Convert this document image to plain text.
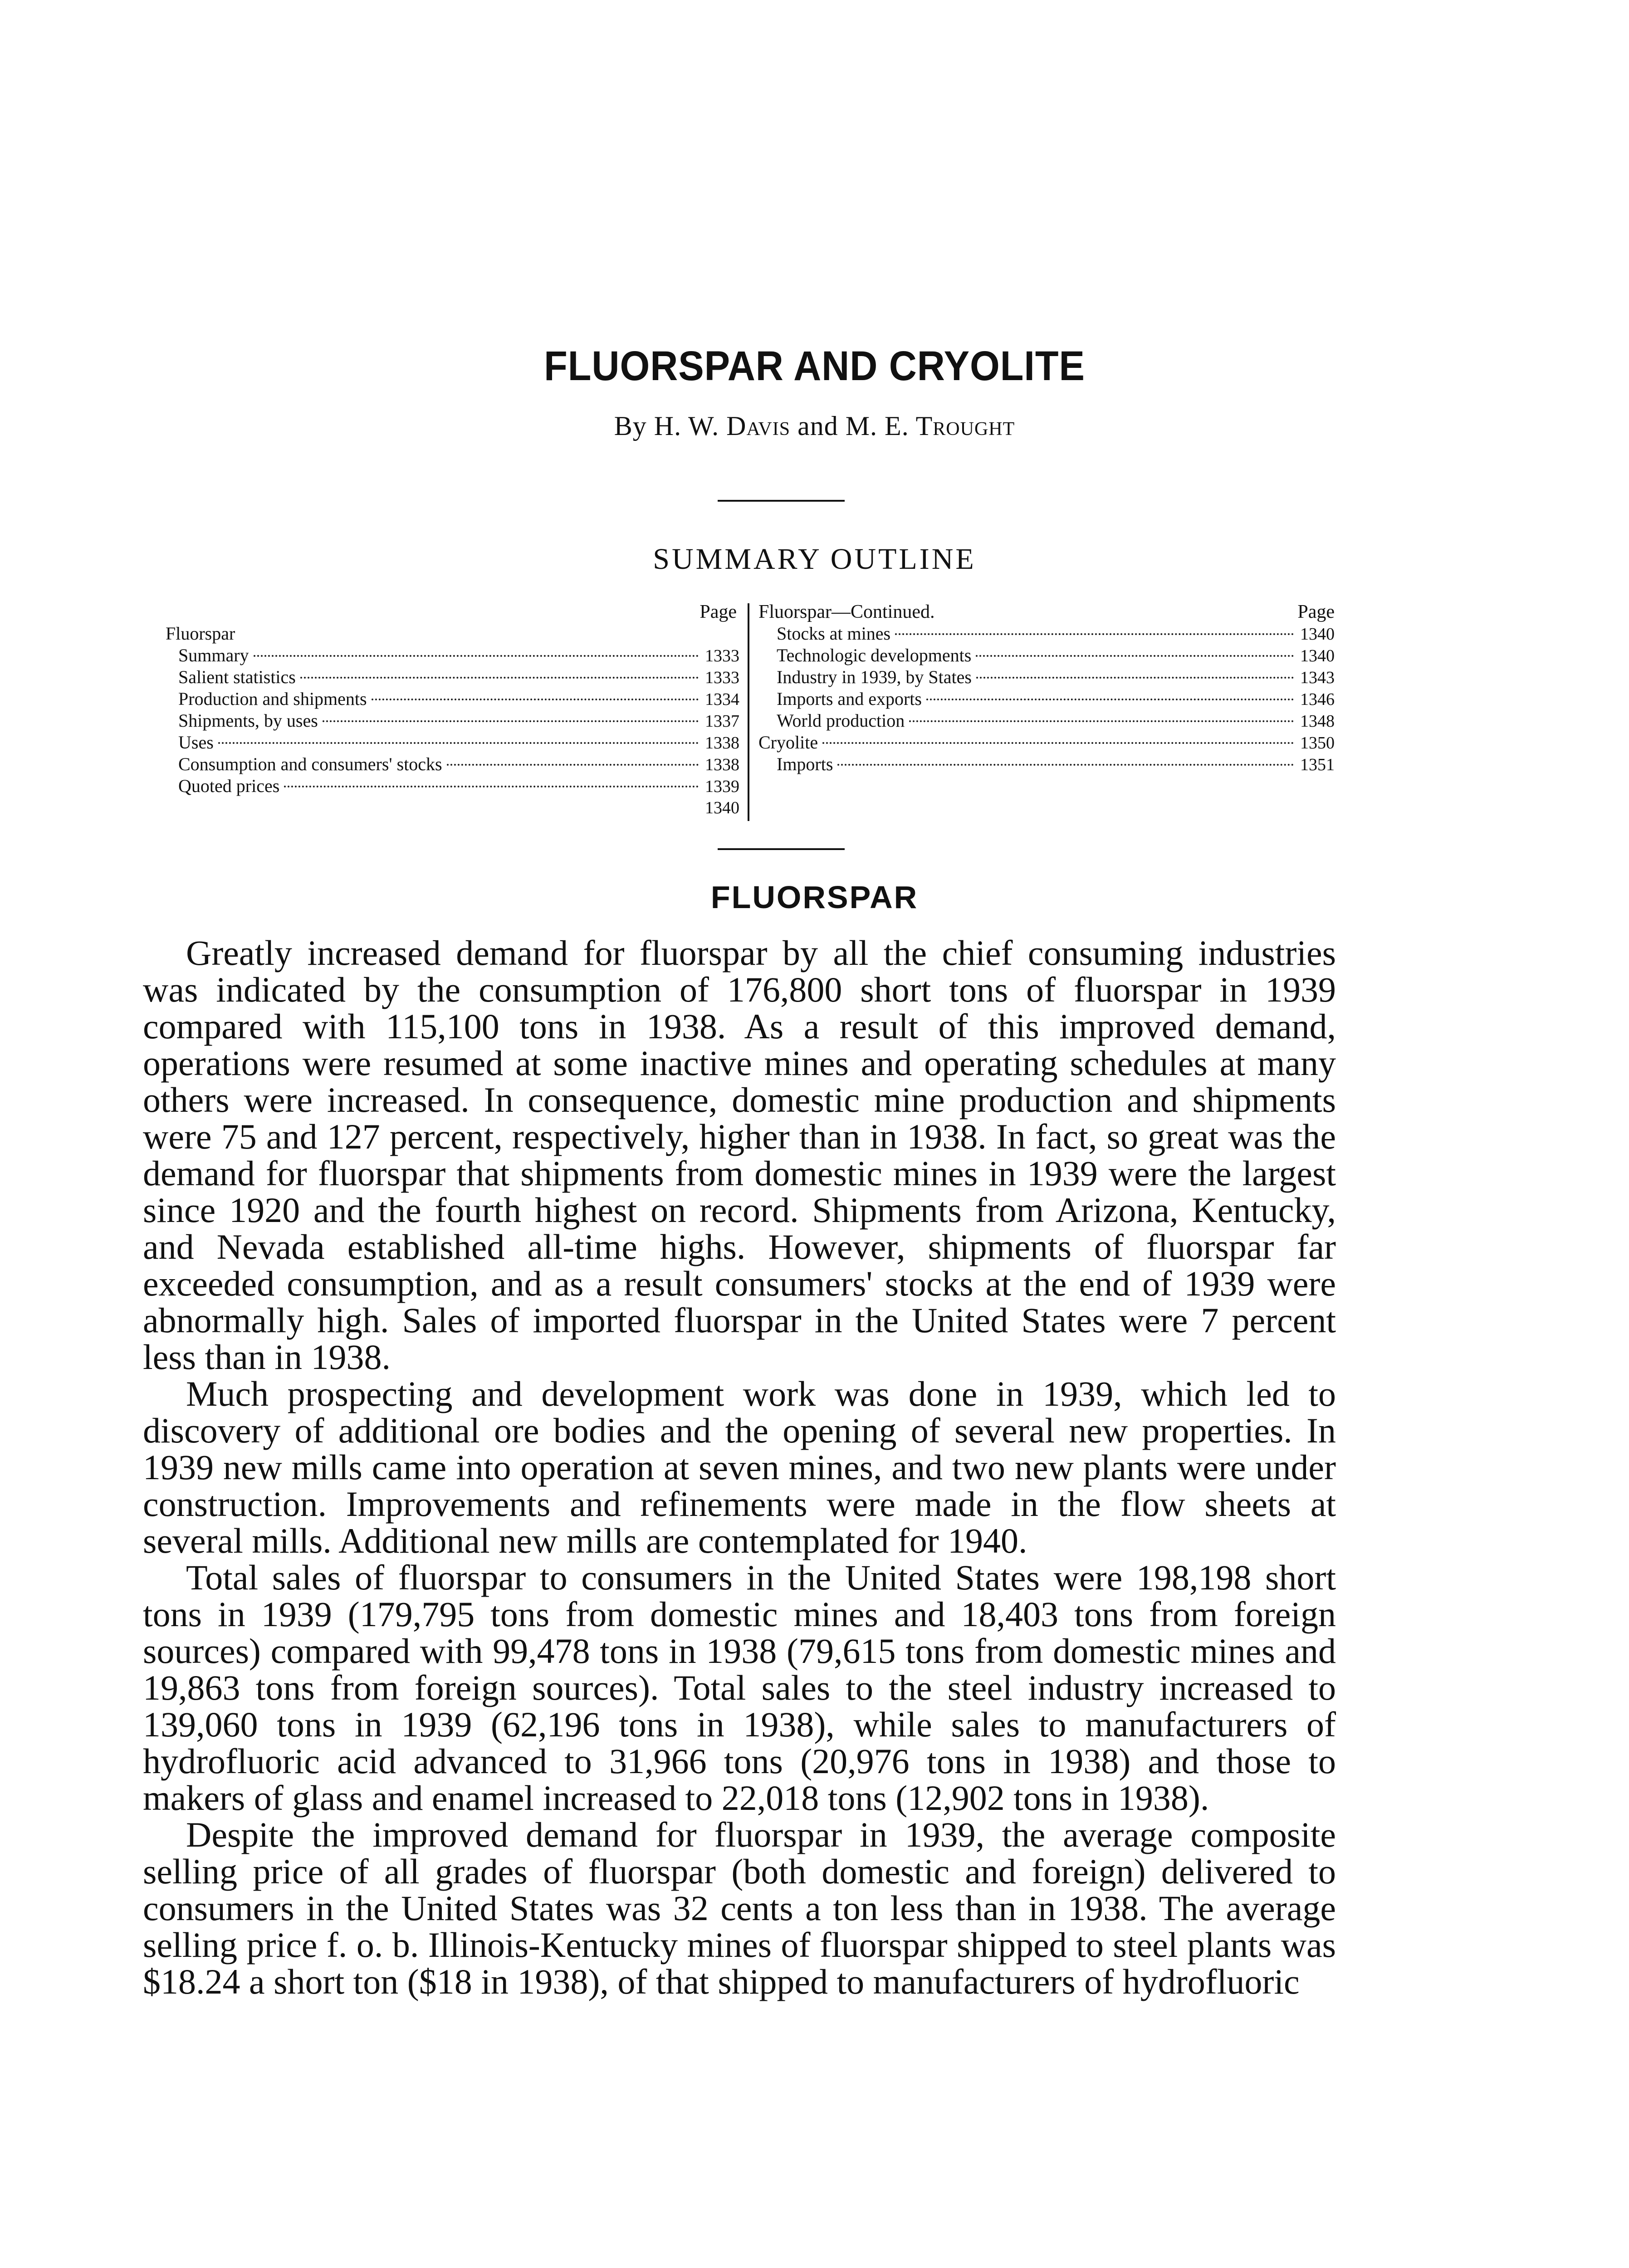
FLUORSPAR AND CRYOLITE
By H. W. Davis and M. E. Trought
SUMMARY OUTLINE
Page
Fluorspar
Summary	1333
Salient statistics	1333
Production and shipments	1334
Shipments, by uses	1337
Uses	1338
Consumption and consumers' stocks	1338
Quoted prices	1339
1340
Fluorspar—Continued.	Page
Stocks at mines	1340
Technologic developments	1340
Industry in 1939, by States	1343
Imports and exports	1346
World production	1348
Cryolite	1350
Imports	1351
FLUORSPAR

Greatly increased demand for fluorspar by all the chief consuming industries was indicated by the consumption of 176,800 short tons of fluorspar in 1939 compared with 115,100 tons in 1938. As a result of this improved demand, operations were resumed at some inactive mines and operating schedules at many others were increased. In consequence, domestic mine production and shipments were 75 and 127 percent, respectively, higher than in 1938. In fact, so great was the demand for fluorspar that shipments from domestic mines in 1939 were the largest since 1920 and the fourth highest on record. Shipments from Arizona, Kentucky, and Nevada established all-time highs. However, shipments of fluorspar far exceeded consumption, and as a result consumers' stocks at the end of 1939 were abnormally high. Sales of imported fluorspar in the United States were 7 percent less than in 1938.

Much prospecting and development work was done in 1939, which led to discovery of additional ore bodies and the opening of several new properties. In 1939 new mills came into operation at seven mines, and two new plants were under construction. Improvements and refinements were made in the flow sheets at several mills. Additional new mills are contemplated for 1940.

Total sales of fluorspar to consumers in the United States were 198,198 short tons in 1939 (179,795 tons from domestic mines and 18,403 tons from foreign sources) compared with 99,478 tons in 1938 (79,615 tons from domestic mines and 19,863 tons from foreign sources). Total sales to the steel industry increased to 139,060 tons in 1939 (62,196 tons in 1938), while sales to manufacturers of hydrofluoric acid advanced to 31,966 tons (20,976 tons in 1938) and those to makers of glass and enamel increased to 22,018 tons (12,902 tons in 1938).

Despite the improved demand for fluorspar in 1939, the average composite selling price of all grades of fluorspar (both domestic and foreign) delivered to consumers in the United States was 32 cents a ton less than in 1938. The average selling price f. o. b. Illinois-Kentucky mines of fluorspar shipped to steel plants was $18.24 a short ton ($18 in 1938), of that shipped to manufacturers of hydrofluoric
